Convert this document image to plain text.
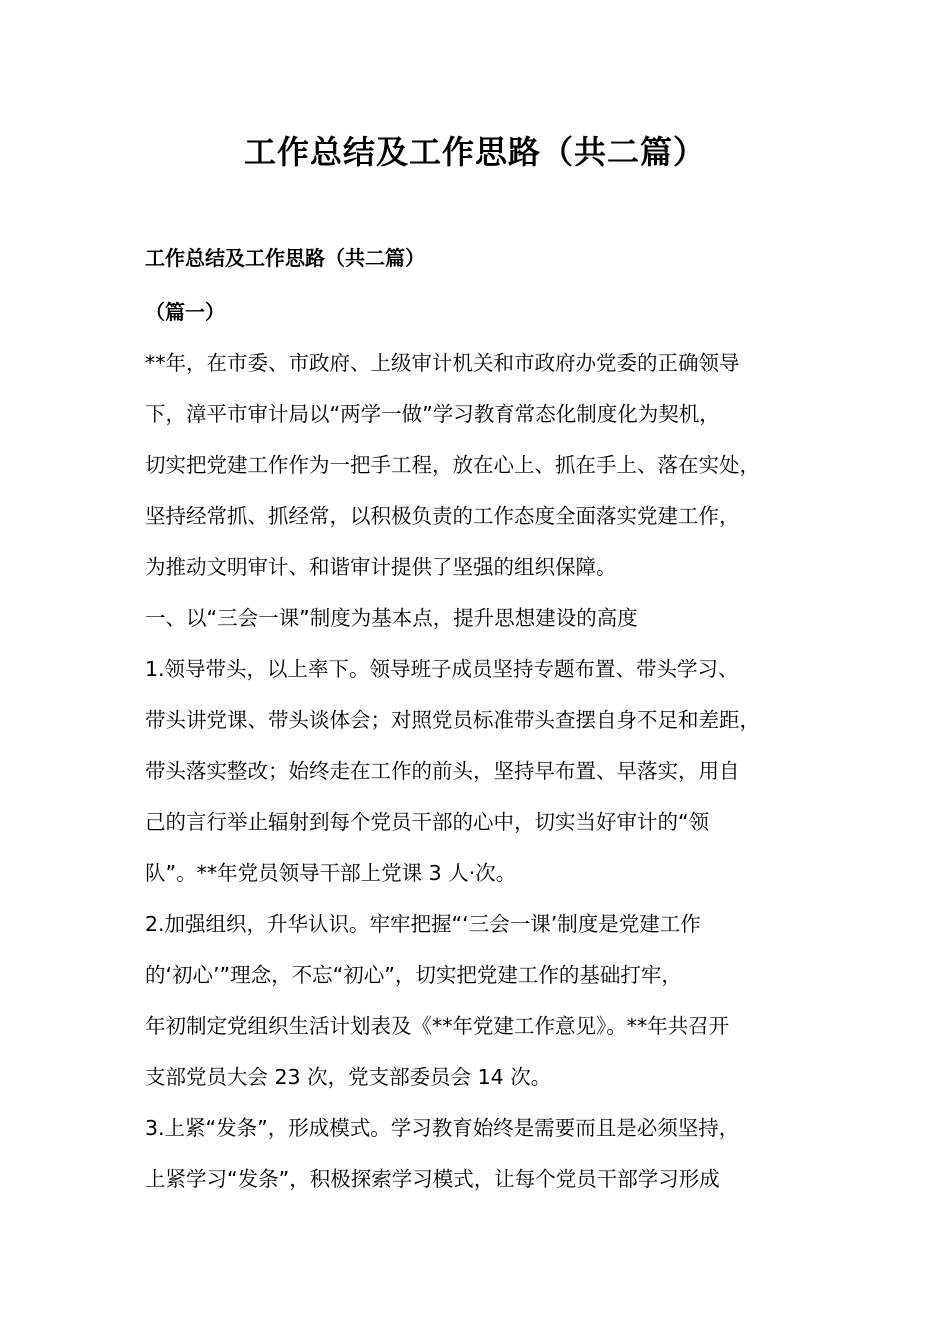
工作总结及工作思路（共二篇）

工作总结及工作思路（共二篇）

（篇一）

**年，在市委、市政府、上级审计机关和市政府办党委的正确领导
下，漳平市审计局以“两学一做”学习教育常态化制度化为契机，
切实把党建工作作为一把手工程，放在心上、抓在手上、落在实处，
坚持经常抓、抓经常，以积极负责的工作态度全面落实党建工作，
为推动文明审计、和谐审计提供了坚强的组织保障。

一、以“三会一课”制度为基本点，提升思想建设的高度

1.领导带头，以上率下。领导班子成员坚持专题布置、带头学习、
带头讲党课、带头谈体会；对照党员标准带头查摆自身不足和差距，
带头落实整改；始终走在工作的前头，坚持早布置、早落实，用自
己的言行举止辐射到每个党员干部的心中，切实当好审计的“领
队”。**年党员领导干部上党课 3 人·次。

2.加强组织，升华认识。牢牢把握“‘三会一课’制度是党建工作
的‘初心’”理念，不忘“初心”，切实把党建工作的基础打牢，
年初制定党组织生活计划表及《**年党建工作意见》。**年共召开
支部党员大会 23 次，党支部委员会 14 次。

3.上紧“发条”，形成模式。学习教育始终是需要而且是必须坚持，
上紧学习“发条”，积极探索学习模式，让每个党员干部学习形成
